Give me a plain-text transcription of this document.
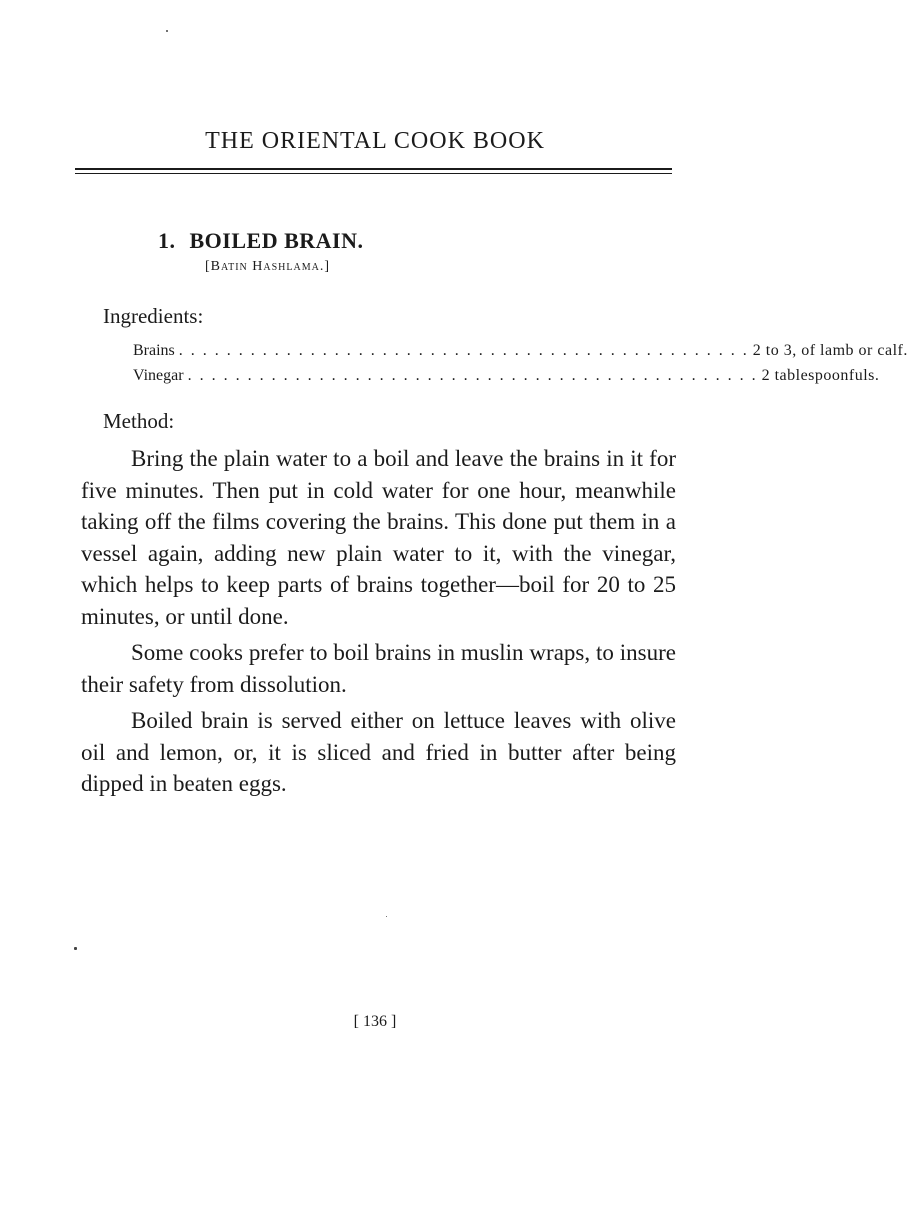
THE ORIENTAL COOK BOOK
1. BOILED BRAIN.
[Batin Hashlama.]
Ingredients:
Brains . . . . . . . . . . . . . . . . . . . . . . . . . . . . . . . . . . . . . . . . . . . . . . . . 2 to 3, of lamb or calf.
Vinegar . . . . . . . . . . . . . . . . . . . . . . . . . . . . . . . . . . . . . . . . . . . . . . . . 2 tablespoonfuls.
Method:

Bring the plain water to a boil and leave the brains in it for five minutes. Then put in cold water for one hour, meanwhile taking off the films covering the brains. This done put them in a vessel again, adding new plain water to it, with the vinegar, which helps to keep parts of brains together—boil for 20 to 25 minutes, or until done.

Some cooks prefer to boil brains in muslin wraps, to insure their safety from dissolution.

Boiled brain is served either on lettuce leaves with olive oil and lemon, or, it is sliced and fried in butter after being dipped in beaten eggs.

[ 136 ]
